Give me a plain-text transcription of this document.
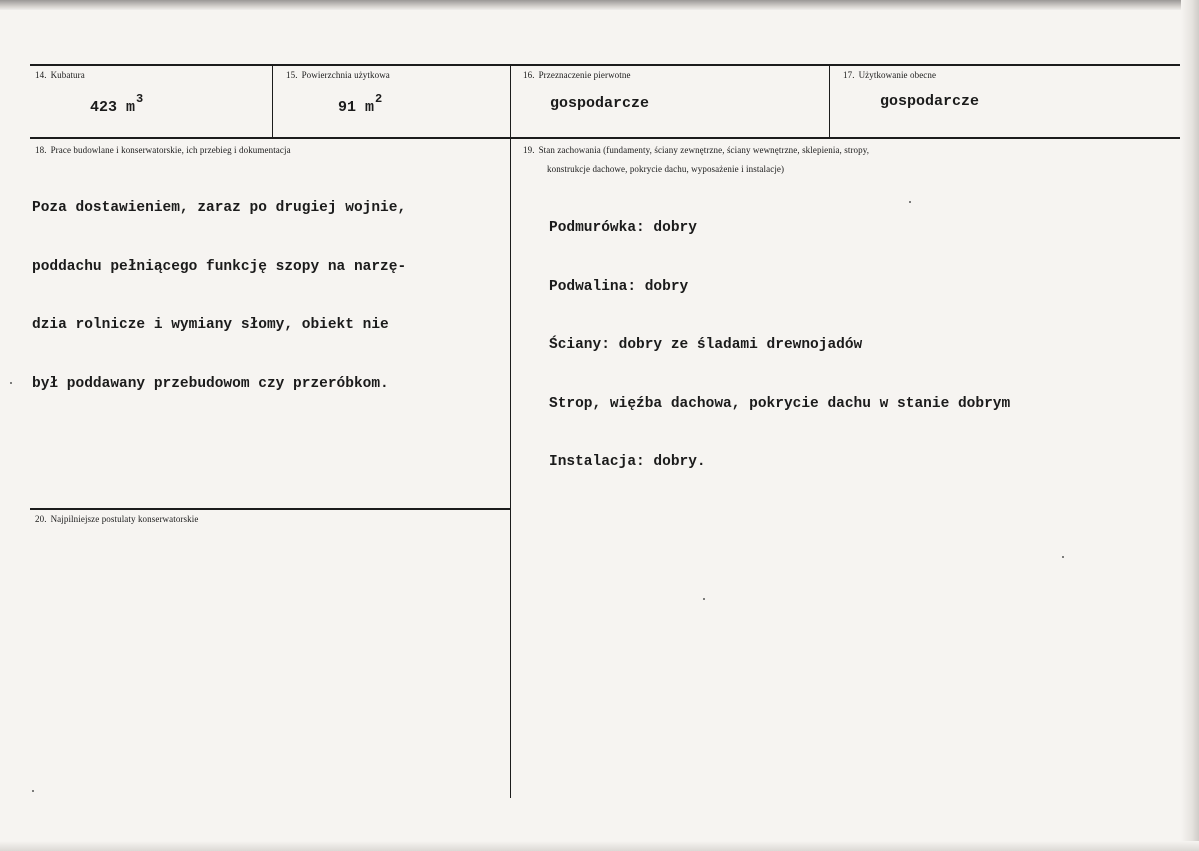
14. Kubatura
423 $m^3$
15. Powierzchnia użytkowa
91 $m^2$
16. Przeznaczenie pierwotne
gospodarcze
17. Użytkowanie obecne
gospodarcze
18. Prace budowlane i konserwatorskie, ich przebieg i dokumentacja

Poza dostawieniem, zaraz po drugiej wojnie,

poddachu pełniącego funkcję szopy na narzę-

dzia rolnicze i wymiany słomy, obiekt nie

był poddawany przebudowom czy przeróbkom.

19. Stan zachowania (fundamenty, ściany zewnętrzne, ściany wewnętrzne, sklepienia, stropy,
konstrukcje dachowe, pokrycie dachu, wyposażenie i instalacje)

Podmurówka: dobry

Podwalina: dobry

Ściany: dobry ze śladami drewnojadów

Strop, więźba dachowa, pokrycie dachu w stanie dobrym

Instalacja: dobry.

20. Najpilniejsze postulaty konserwatorskie
